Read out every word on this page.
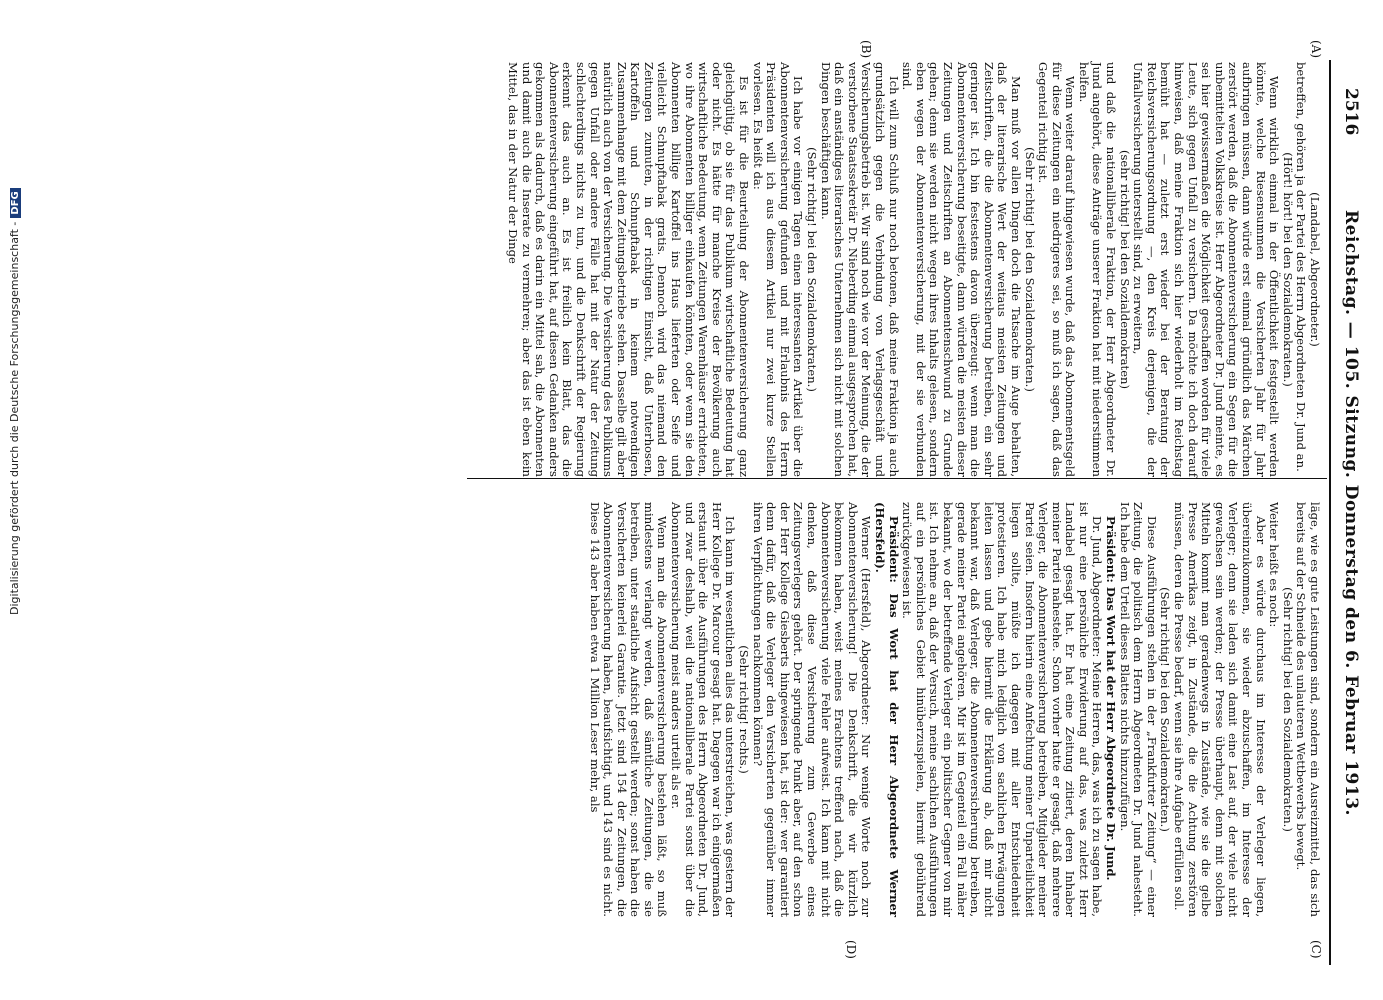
2516
Reichstag. — 105. Sitzung. Donnerstag den 6. Februar 1913.
(A)
(B)
(C)
(D)

(Landabel, Abgeordneter.)

betreffen, gehören ja der Partei des Herrn Abgeordneten Dr. Jund an.

(Hört! hört! bei den Sozialdemokraten.)

Wenn wirklich einmal in der Öffentlichkeit festgestellt werden könnte, welche Riesensummen die Versicherten Jahr für Jahr aufbringen müssen, dann würde erst einmal gründlich das Märchen zerstört werden, daß die Abonnentenversicherung ein Segen für die unbemittelten Volkskreise ist. Herr Abgeordneter Dr. Jund meinte, es sei hier gewissermaßen die Möglichkeit geschaffen worden für viele Leute, sich gegen Unfall zu versichern. Da möchte ich doch darauf hinweisen, daß meine Fraktion sich hier wiederholt im Reichstag bemüht hat — zuletzt erst wieder bei der Beratung der Reichsversicherungsordnung —, den Kreis derjenigen, die der Unfallversicherung unterstellt sind, zu erweitern,

(sehr richtig! bei den Sozialdemokraten)

und daß die nationalliberale Fraktion, der Herr Abgeordneter Dr. Jund angehört, diese Anträge unserer Fraktion hat mit niederstimmen helfen.

Wenn weiter darauf hingewiesen wurde, daß das Abonnementsgeld für diese Zeitungen ein niedrigeres sei, so muß ich sagen, daß das Gegenteil richtig ist.

(Sehr richtig! bei den Sozialdemokraten.)

Man muß vor allen Dingen doch die Tatsache im Auge behalten, daß der literarische Wert der weitaus meisten Zeitungen und Zeitschriften, die die Abonnentenversicherung betreiben, ein sehr geringer ist. Ich bin festestens davon überzeugt: wenn man die Abonnentenversicherung beseitigte, dann würden die meisten dieser Zeitungen und Zeitschriften an Abonnentenschwund zu Grunde gehen; denn sie werden nicht wegen ihres Inhalts gelesen, sondern eben wegen der Abonnentenversicherung, mit der sie verbunden sind.

Ich will zum Schluß nur noch betonen, daß meine Fraktion ja auch grundsätzlich gegen die Verbindung von Verlagsgeschäft und Versicherungsbetrieb ist. Wir sind noch wie vor der Meinung, die der verstorbene Staatssekretär Dr. Nieberding einmal ausgesprochen hat, daß ein anständiges literarisches Unternehmen sich nicht mit solchen Dingen beschäftigen kann.

(Sehr richtig! bei den Sozialdemokraten.)

Ich habe vor einigen Tagen einen interessanten Artikel über die Abonnentenversicherung gefunden und mit Erlaubnis des Herrn Präsidenten will ich aus diesem Artikel nur zwei kurze Stellen vorlesen. Es heißt da:

Es ist für die Beurteilung der Abonnentenversicherung ganz gleichgültig, ob sie für das Publikum wirtschaftliche Bedeutung hat oder nicht. Es hätte für manche Kreise der Bevölkerung auch wirtschaftliche Bedeutung, wenn Zeitungen Warenhäuser errichteten, wo ihre Abonnenten billiger einkaufen könnten, oder wenn sie den Abonnenten billige Kartoffel ins Haus lieferten oder Seife und vielleicht Schnupftabak gratis. Dennoch wird das niemand den Zeitungen zumuten, in der richtigen Einsicht, daß Unterhosen, Kartoffeln und Schnupftabak in keinem notwendigen Zusammenhange mit dem Zeitungsbetriebe stehen. Dasselbe gilt aber natürlich auch von der Versicherung. Die Versicherung des Publikums gegen Unfall oder andere Fälle hat mit der Natur der Zeitung schlechterdings nichts zu tun, und die Denkschrift der Regierung erkennt das auch an. Es ist freilich kein Blatt, das die Abonnentenversicherung eingeführt hat, auf diesen Gedanken anders gekommen als dadurch, daß es darin ein Mittel sah, die Abonnenten und damit auch die Inserate zu vermehren; aber das ist eben kein Mittel, das in der Natur der Dinge

läge, wie es gute Leistungen sind, sondern ein Ausreizmittel, das sich bereits auf der Schneide des unlauteren Wettbewerbs bewegt.

(Sehr richtig! bei den Sozialdemokraten.)

Weiter heißt es noch:

Aber es würde durchaus im Interesse der Verleger liegen, übereinzukommen, sie wieder abzuschaffen, im Interesse der Verleger; denn sie laden sich damit eine Last auf, der viele nicht gewachsen sein werden; der Presse überhaupt, denn mit solchen Mitteln kommt man geradenwegs in Zustände, wie sie die gelbe Presse Amerikas zeigt, in Zustände, die die Achtung zerstören müssen, deren die Presse bedarf, wenn sie ihre Aufgabe erfüllen soll.

(Sehr richtig! bei den Sozialdemokraten.)

Diese Ausführungen stehen in der „Frankfurter Zeitung“ — einer Zeitung, die politisch dem Herrn Abgeordneten Dr. Jund nahesteht. Ich habe dem Urteil dieses Blattes nichts hinzuzufügen.

Präsident: Das Wort hat der Herr Abgeordnete Dr. Jund.

Dr. Jund, Abgeordneter: Meine Herren, das, was ich zu sagen habe, ist nur eine persönliche Erwiderung auf das, was zuletzt Herr Landabel gesagt hat. Er hat eine Zeitung zitiert, deren Inhaber meiner Partei nahestehe. Schon vorher hatte er gesagt, daß mehrere Verleger, die Abonnentenversicherung betreiben, Mitglieder meiner Partei seien. Insofern hierin eine Anfechtung meiner Unparteilichkeit liegen sollte, müßte ich dagegen mit aller Entschiedenheit protestieren. Ich habe mich lediglich von sachlichen Erwägungen leiten lassen und gebe hiermit die Erklärung ab, daß mir nicht bekannt war, daß Verleger, die Abonnentenversicherung betreiben, gerade meiner Partei angehören. Mir ist im Gegenteil ein Fall näher bekannt, wo der betreffende Verleger ein politischer Gegner von mir ist. Ich nehme an, daß der Versuch, meine sachlichen Ausführungen auf ein persönliches Gebiet hinüberzuspielen, hiermit gebührend zurückgewiesen ist.

Präsident: Das Wort hat der Herr Abgeordnete Werner (Hersfeld).

Werner (Hersfeld), Abgeordneter: Nur wenige Worte noch zur Abonnentenversicherung! Die Denkschrift, die wir kürzlich bekommen haben, weist meines Erachtens treffend nach, daß die Abonnentenversicherung viele Fehler aufweist. Ich kann mit nicht denken, daß diese Versicherung zum Gewerbe eines Zeitungsverlegers gehört. Der springende Punkt aber, auf den schon der Herr Kollege Giesberts hingewiesen hat, ist der: wer garantiert denn dafür, daß die Verleger den Versicherten gegenüber immer ihren Verpflichtungen nachkommen können?

(Sehr richtig! rechts.)

Ich kann im wesentlichen alles das unterstreichen, was gestern der Herr Kollege Dr. Marcour gesagt hat. Dagegen war ich einigermaßen erstaunt über die Ausführungen des Herrn Abgeordneten Dr. Jund, und zwar deshalb, weil die nationalliberale Partei sonst über die Abonnentenversicherung meist anders urteilt als er.

Wenn man die Abonnentenversicherung bestehen läßt, so muß mindestens verlangt werden, daß sämtliche Zeitungen, die sie betreiben, unter staatliche Aufsicht gestellt werden; sonst haben die Versicherten keinerlei Garantie. Jetzt sind 154 der Zeitungen, die Abonnentenversicherung haben, beaufsichtigt, und 143 sind es nicht. Diese 143 aber haben etwa 1 Million Leser mehr, als

Digitalisierung gefördert durch die Deutsche Forschungsgemeinschaft -DFG
